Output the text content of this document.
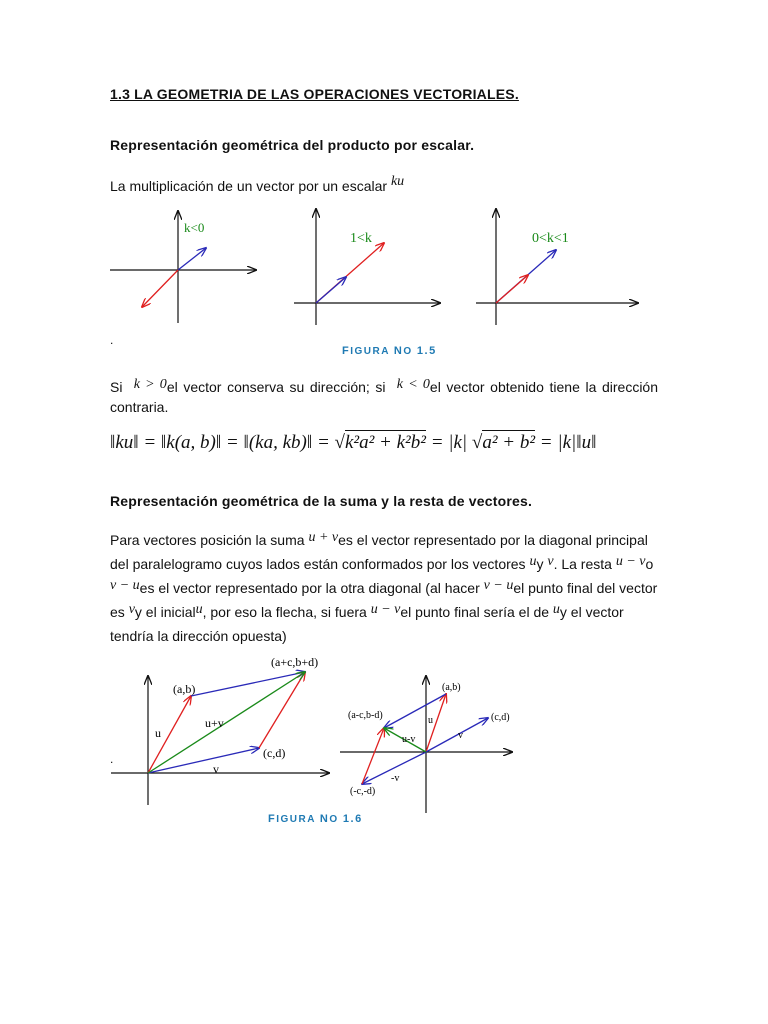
1.3 LA GEOMETRIA DE LAS OPERACIONES VECTORIALES.
Representación geométrica del producto por escalar.
La multiplicación de un vector por un escalar ku
k<0
1<k	0<k<1
.
FIGURA NO 1.5
Si k > 0el vector conserva su dirección; si k < 0el vector obtenido tiene la dirección contraria.
‖ku‖ = ‖k(a, b)‖ = ‖(ka, kb)‖ = √k²a² + k²b² = |k| √a² + b² = |k|‖u‖
Representación geométrica de la suma y la resta de vectores.
Para vectores posición la suma u + ves el vector representado por la diagonal principal del paralelogramo cuyos lados están conformados por los vectores uy v. La resta u − vo v − ues el vector representado por la otra diagonal (al hacer v − uel punto final del vector es vy el inicialu, por eso la flecha, si fuera u − vel punto final sería el de uy el vector tendría la dirección opuesta)
(a+c,b+d)
(a,b)
u
u+v
(c,d)
v
.
(a,b)
(a-c,b-d)	u	(c,d)
v
u-v
-v
(-c,-d)
FIGURA NO 1.6
